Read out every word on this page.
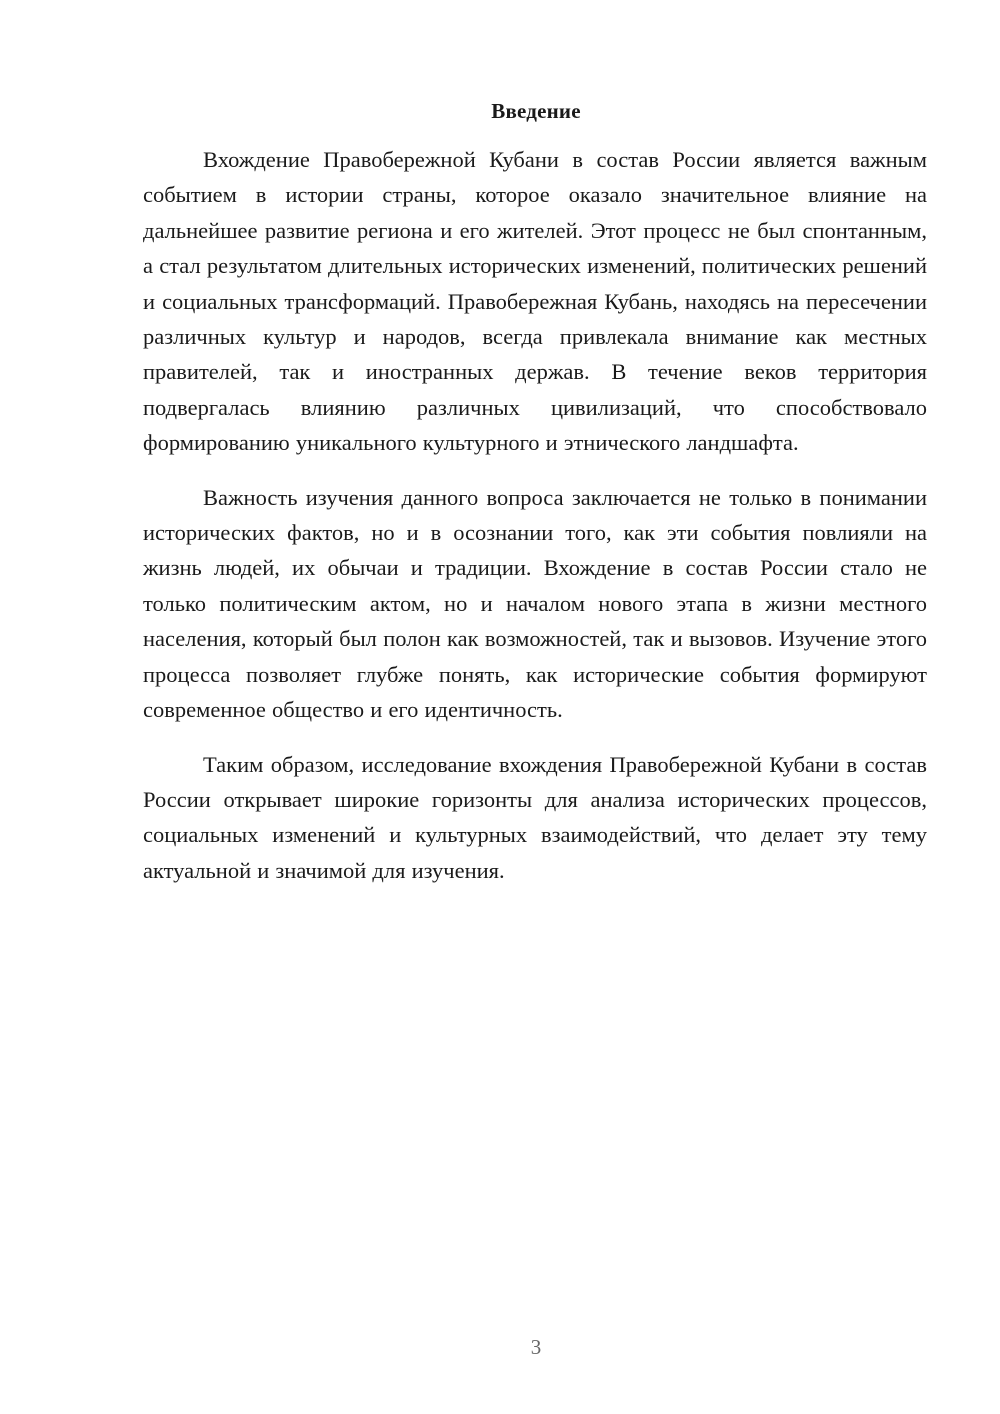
Введение

Вхождение Правобережной Кубани в состав России является важным событием в истории страны, которое оказало значительное влияние на дальнейшее развитие региона и его жителей. Этот процесс не был спонтанным, а стал результатом длительных исторических изменений, политических решений и социальных трансформаций. Правобережная Кубань, находясь на пересечении различных культур и народов, всегда привлекала внимание как местных правителей, так и иностранных держав. В течение веков территория подвергалась влиянию различных цивилизаций, что способствовало формированию уникального культурного и этнического ландшафта.

Важность изучения данного вопроса заключается не только в понимании исторических фактов, но и в осознании того, как эти события повлияли на жизнь людей, их обычаи и традиции. Вхождение в состав России стало не только политическим актом, но и началом нового этапа в жизни местного населения, который был полон как возможностей, так и вызовов. Изучение этого процесса позволяет глубже понять, как исторические события формируют современное общество и его идентичность.

Таким образом, исследование вхождения Правобережной Кубани в состав России открывает широкие горизонты для анализа исторических процессов, социальных изменений и культурных взаимодействий, что делает эту тему актуальной и значимой для изучения.

3
